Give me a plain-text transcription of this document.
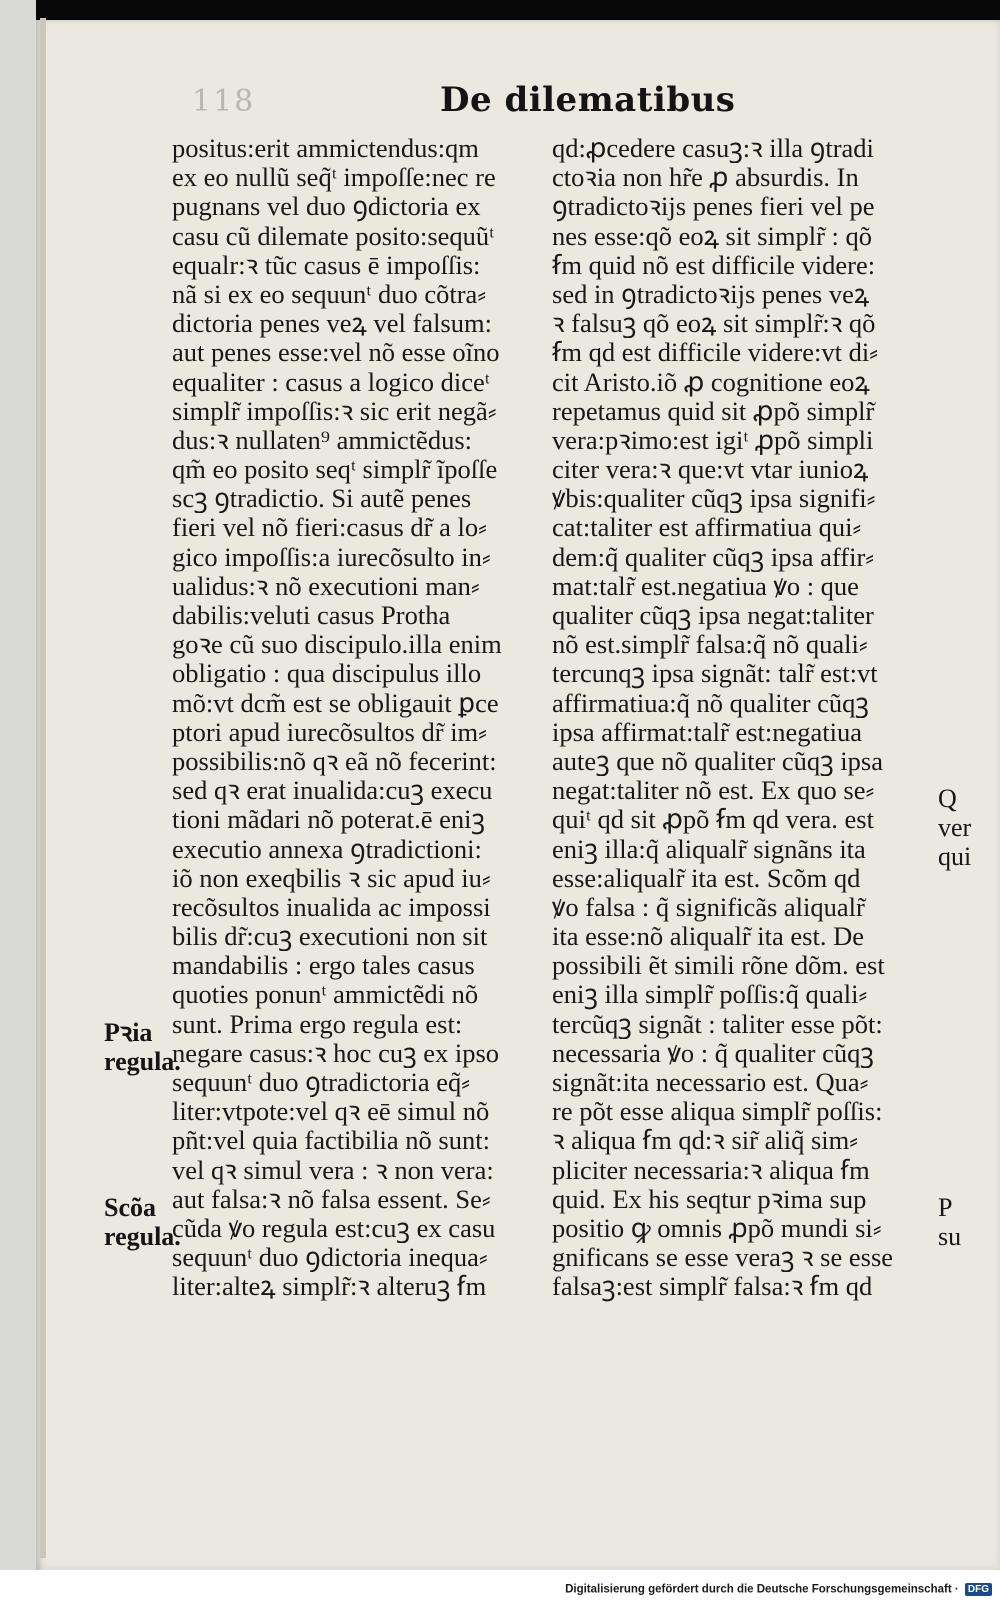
118	De dilematibus
positus:erit ammictendus:qm
ex eo nullũ seq̃ᵗ impoſſe:nec re
pugnans vel duo ꝯdictoria ex
casu cũ dilemate posito:sequũᵗ
equalr:ꝛ tũc casus ē impoſſis:
nã si ex eo sequunᵗ duo cõtra⸗
dictoria penes veꝝ vel falsum:
aut penes esse:vel nõ esse oĩno
equaliter : casus a logico diceᵗ
simplr̃ impoſſis:ꝛ sic erit negã⸗
dus:ꝛ nullaten⁹ ammictẽdus:
qm̃ eo posito seqᵗ simplr̃ ĩpoſſe
scꝫ ꝯtradictio. Si autẽ penes
fieri vel nõ fieri:casus dr̃ a lo⸗
gico impoſſis:a iurecõsulto in⸗
ualidus:ꝛ nõ executioni man⸗
dabilis:veluti casus Protha
goꝛe cũ suo discipulo.illa enim
obligatio : qua discipulus illo
mõ:vt dcm̃ est se obligauit ꝑce
ptori apud iurecõsultos dr̃ im⸗
possibilis:nõ qꝛ eã nõ fecerint:
sed qꝛ erat inualida:cuꝫ execu
tioni mãdari nõ poterat.ē eniꝫ
executio annexa ꝯtradictioni:
iõ non exeqbilis ꝛ sic apud iu⸗
recõsultos inualida ac impossi
bilis dr̃:cuꝫ executioni non sit
mandabilis : ergo tales casus
quoties ponunᵗ ammictẽdi nõ
sunt. Prima ergo regula est:
negare casus:ꝛ hoc cuꝫ ex ipso
sequunᵗ duo ꝯtradictoria eq̃⸗
liter:vtpote:vel qꝛ eē simul nõ
pñt:vel quia factibilia nõ sunt:
vel qꝛ simul vera : ꝛ non vera:
aut falsa:ꝛ nõ falsa essent. Se⸗
cũda ꝟo regula est:cuꝫ ex casu
sequunᵗ duo ꝯdictoria inequa⸗
liter:alteꝝ simplr̃:ꝛ alteruꝫ ẜm
qd:ꝓcedere casuꝫ:ꝛ illa ꝯtradi
ctoꝛia non hr̃e ꝓ absurdis. In
ꝯtradictoꝛijs penes fieri vel pe
nes esse:qõ eoꝝ sit simplr̃ : qõ
ẜm quid nõ est difficile videre:
sed in ꝯtradictoꝛijs penes veꝝ
ꝛ falsuꝫ qõ eoꝝ sit simplr̃:ꝛ qõ
ẜm qd est difficile videre:vt di⸗
cit Aristo.iõ ꝓ cognitione eoꝝ
repetamus quid sit ꝓpõ simplr̃
vera:pꝛimo:est igiᵗ ꝓpõ simpli
citer vera:ꝛ que:vt vtar iunioꝝ
ꝟbis:qualiter cũqꝫ ipsa signifi⸗
cat:taliter est affirmatiua qui⸗
dem:q̃ qualiter cũqꝫ ipsa affir⸗
mat:talr̃ est.negatiua ꝟo : que
qualiter cũqꝫ ipsa negat:taliter
nõ est.simplr̃ falsa:q̃ nõ quali⸗
tercunqꝫ ipsa signãt: talr̃ est:vt
affirmatiua:q̃ nõ qualiter cũqꝫ
ipsa affirmat:talr̃ est:negatiua
auteꝫ que nõ qualiter cũqꝫ ipsa
negat:taliter nõ est. Ex quo se⸗
quiᵗ qd sit ꝓpõ ẜm qd vera. est
eniꝫ illa:q̃ aliqualr̃ signãns ita
esse:aliqualr̃ ita est. Scõm qd
ꝟo falsa : q̃ significãs aliqualr̃
ita esse:nõ aliqualr̃ ita est. De
possibili ẽt simili rõne dõm. est
eniꝫ illa simplr̃ poſſis:q̃ quali⸗
tercũqꝫ signãt : taliter esse põt:
necessaria ꝟo : q̃ qualiter cũqꝫ
signãt:ita necessario est. Qua⸗
re põt esse aliqua simplr̃ poſſis:
ꝛ aliqua ẜm qd:ꝛ sir̃ aliq̃ sim⸗
pliciter necessaria:ꝛ aliqua ẜm
quid. Ex his seqtur pꝛima sup
positio ꝙ omnis ꝓpõ mundi si⸗
gnificans se esse veraꝫ ꝛ se esse
falsaꝫ:est simplr̃ falsa:ꝛ ẜm qd
Pꝛia
regula.
Scõa
regula.
Q
ver
qui
P
su
Digitalisierung gefördert durch die Deutsche Forschungsgemeinschaft · DFG
